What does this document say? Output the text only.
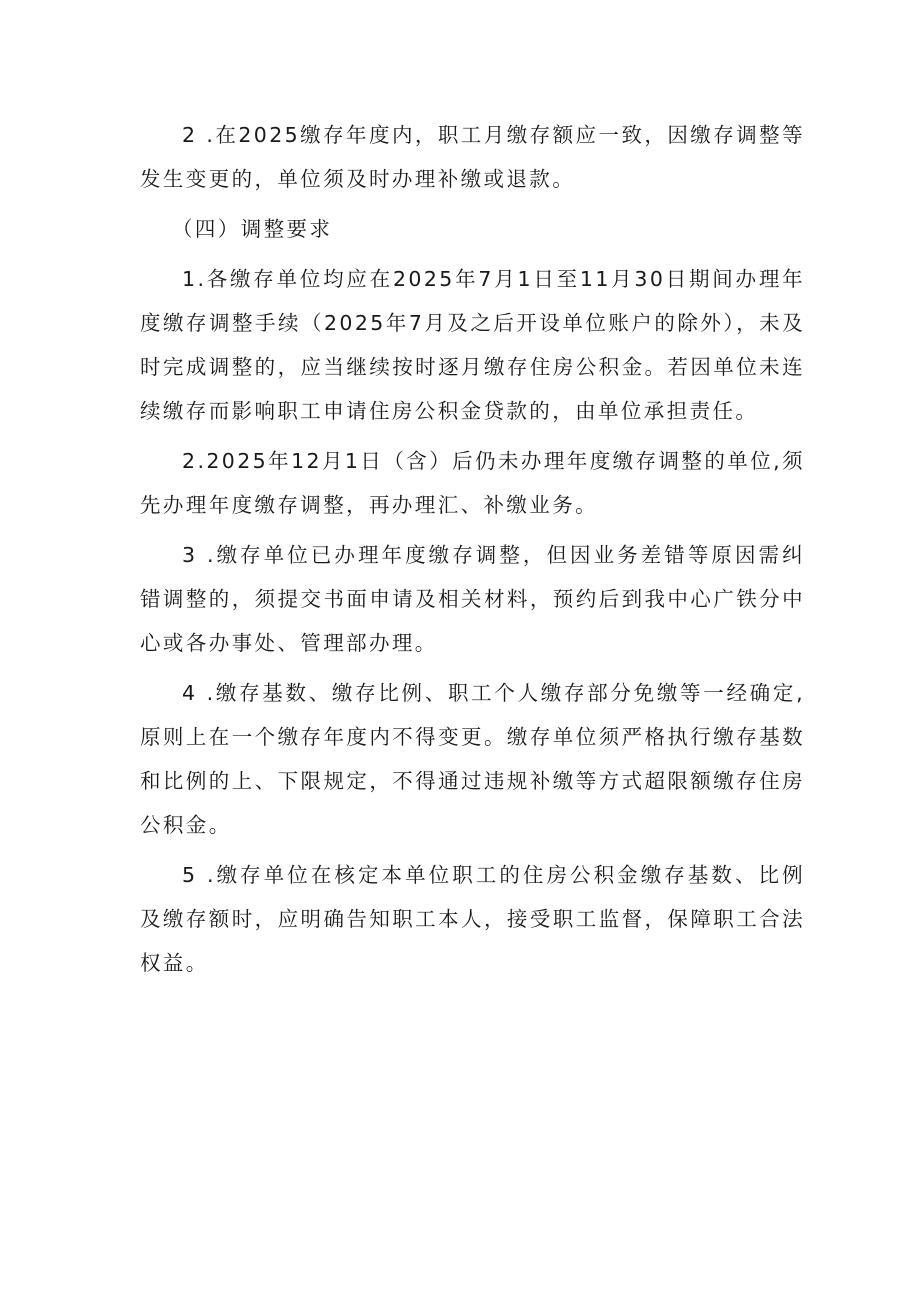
2 .在2025缴存年度内，职工月缴存额应一致，因缴存调整等发生变更的，单位须及时办理补缴或退款。

（四）调整要求

1.各缴存单位均应在2025年7月1日至11月30日期间办理年度缴存调整手续（2025年7月及之后开设单位账户的除外），未及时完成调整的，应当继续按时逐月缴存住房公积金。若因单位未连续缴存而影响职工申请住房公积金贷款的，由单位承担责任。

2.2025年12月1日（含）后仍未办理年度缴存调整的单位,须先办理年度缴存调整，再办理汇、补缴业务。

3 .缴存单位已办理年度缴存调整，但因业务差错等原因需纠错调整的，须提交书面申请及相关材料，预约后到我中心广铁分中心或各办事处、管理部办理。

4 .缴存基数、缴存比例、职工个人缴存部分免缴等一经确定,原则上在一个缴存年度内不得变更。缴存单位须严格执行缴存基数和比例的上、下限规定，不得通过违规补缴等方式超限额缴存住房公积金。

5 .缴存单位在核定本单位职工的住房公积金缴存基数、比例及缴存额时，应明确告知职工本人，接受职工监督，保障职工合法权益。
